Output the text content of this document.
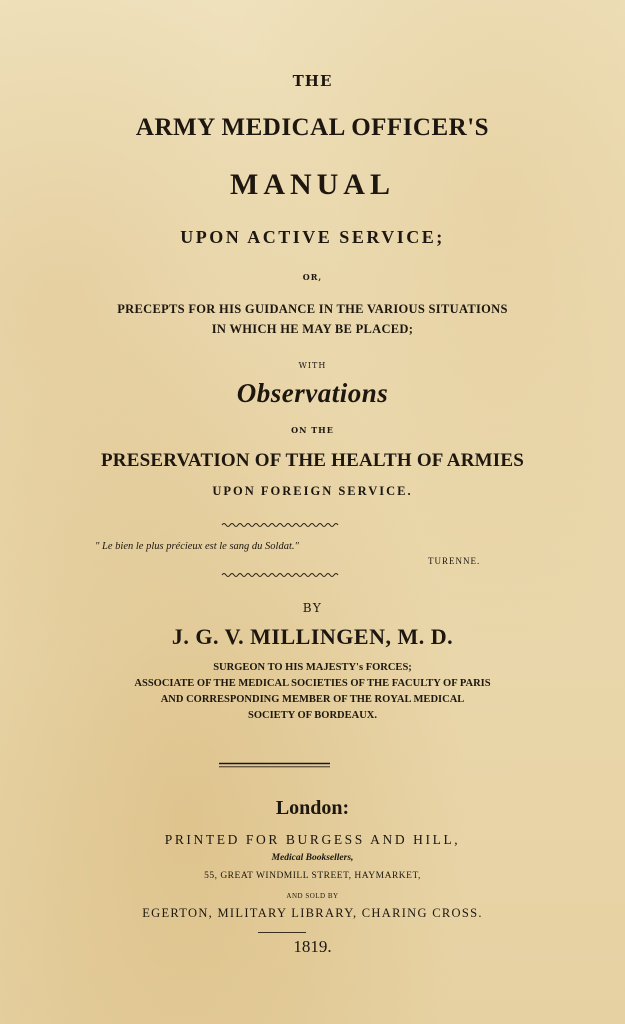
THE
ARMY MEDICAL OFFICER'S
MANUAL
UPON ACTIVE SERVICE;
OR,
PRECEPTS FOR HIS GUIDANCE IN THE VARIOUS SITUATIONS
IN WHICH HE MAY BE PLACED;
WITH
Observations
ON THE
PRESERVATION OF THE HEALTH OF ARMIES
UPON FOREIGN SERVICE.
" Le bien le plus précieux est le sang du Soldat."
TURENNE.
BY
J. G. V. MILLINGEN, M. D.
SURGEON TO HIS MAJESTY's FORCES;
ASSOCIATE OF THE MEDICAL SOCIETIES OF THE FACULTY OF PARIS
AND CORRESPONDING MEMBER OF THE ROYAL MEDICAL
SOCIETY OF BORDEAUX.
London:
PRINTED FOR BURGESS AND HILL,
Medical Booksellers,
55, GREAT WINDMILL STREET, HAYMARKET,
AND SOLD BY
EGERTON, MILITARY LIBRARY, CHARING CROSS.
1819.
